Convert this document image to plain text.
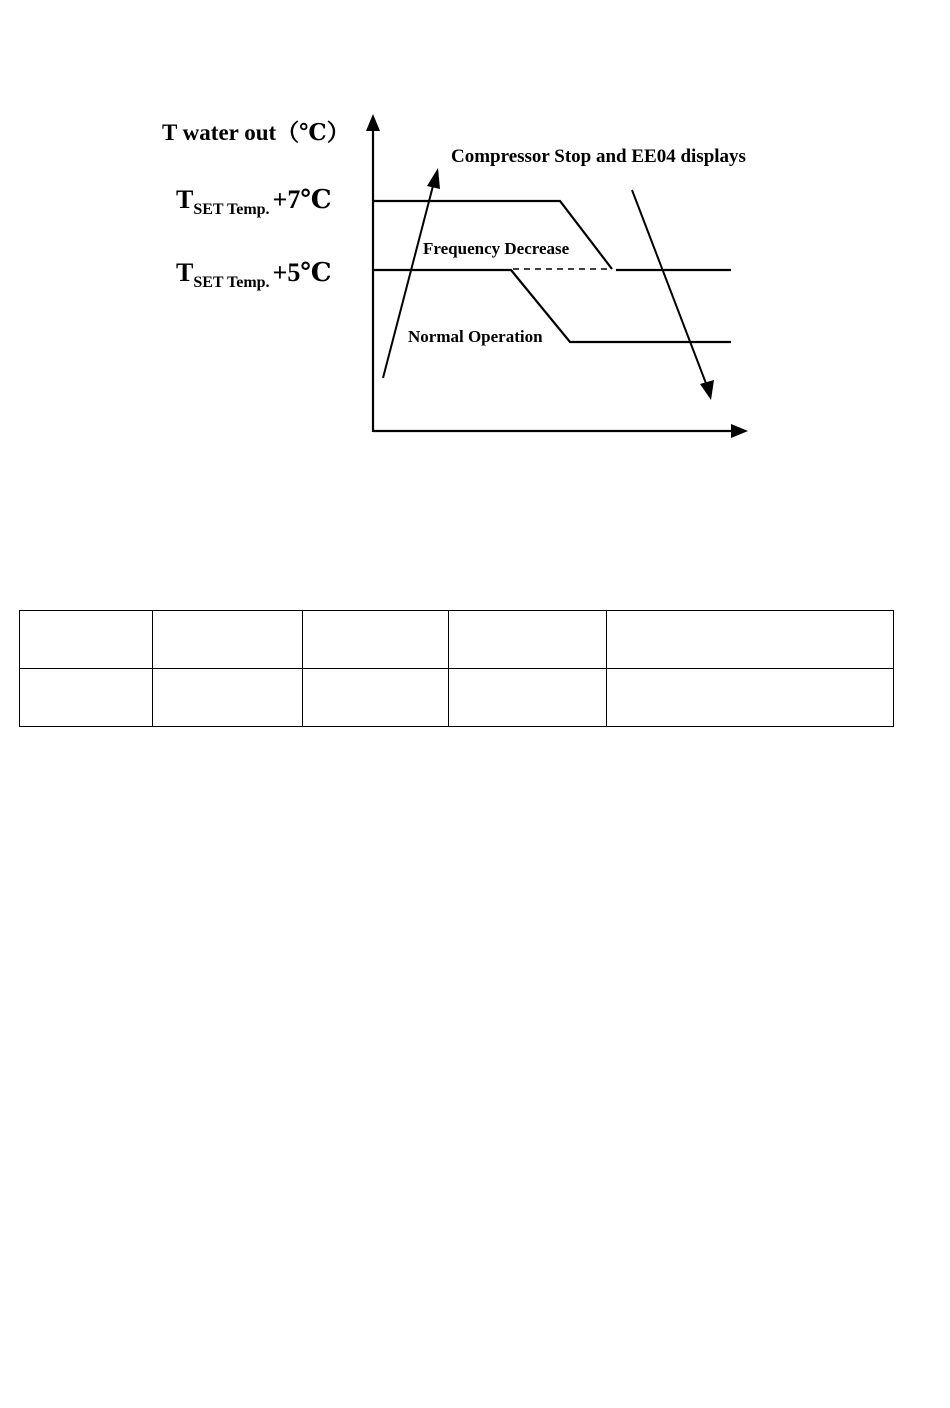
T water out（℃）
$T_{SET Temp.}$ +7℃
$T_{SET Temp.}$ +5℃
Frequency Decrease
Normal Operation
Compressor Stop and EE04 displays
